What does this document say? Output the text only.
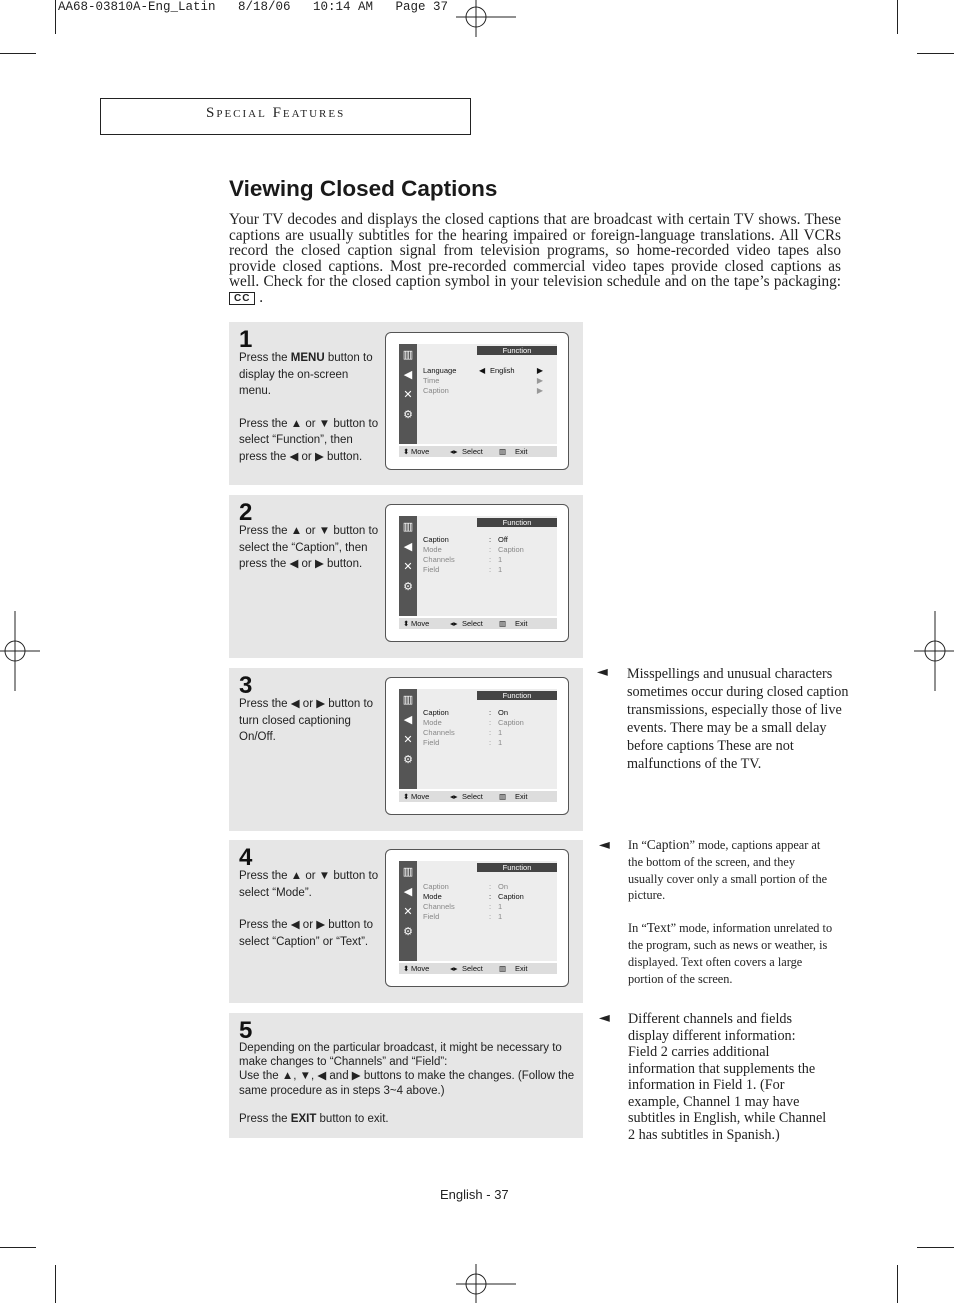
AA68-03810A-Eng_Latin   8/18/06   10:14 AM   Page 37
Special Features
Viewing Closed Captions
Your TV decodes and displays the closed captions that are broadcast with certain TV shows. These captions are usually subtitles for the hearing impaired or foreign-language translations. All VCRs record the closed caption signal from television programs, so home-recorded video tapes also provide closed captions. Most pre-recorded commercial video tapes provide closed captions as well. Check for the closed caption symbol in your television schedule and on the tape’s packaging: CC .
1
Press the MENU button to display the on-screen menu.
Press the ▲ or ▼ button to select “Function”, then press the ◀ or ▶ button.
▥
◀
✕
⚙
Function
Language	◀ English	▶
Time	▶
Caption	▶
⬍ Move	◂▸ Select ▥ Exit
2
Press the ▲ or ▼ button to select the “Caption”, then press the ◀ or ▶ button.
▥
◀
✕
⚙
Function
Caption	: Off
Mode	: Caption
Channels	: 1
Field	: 1
⬍ Move	◂▸ Select ▥ Exit
3
Press the ◀ or ▶ button to turn closed captioning On/Off.
▥
◀
✕
⚙
Function
Caption	: On
Mode	: Caption
Channels	: 1
Field	: 1
⬍ Move	◂▸ Select ▥ Exit
4
Press the ▲ or ▼ button to select “Mode”.
Press the ◀ or ▶ button to select “Caption” or “Text”.
▥
◀
✕
⚙
Function
Caption	: On
Mode	: Caption
Channels	: 1
Field	: 1
⬍ Move	◂▸ Select ▥ Exit
5
Depending on the particular broadcast, it might be necessary to make changes to “Channels” and “Field”:
Use the ▲, ▼, ◀ and ▶ buttons to make the changes. (Follow the same procedure as in steps 3~4 above.)
Press the EXIT button to exit.
◄ Misspellings and unusual characters sometimes occur during closed caption transmissions, especially those of live events. There may be a small delay before captions These are not malfunctions of the TV.
◄ In “Caption” mode, captions appear at the bottom of the screen, and they usually cover only a small portion of the picture.
In “Text” mode, information unrelated to the program, such as news or weather, is displayed. Text often covers a large portion of the screen.
◄ Different channels and fields display different information: Field 2 carries additional information that supplements the information in Field 1. (For example, Channel 1 may have subtitles in English, while Channel 2 has subtitles in Spanish.)
English - 37
